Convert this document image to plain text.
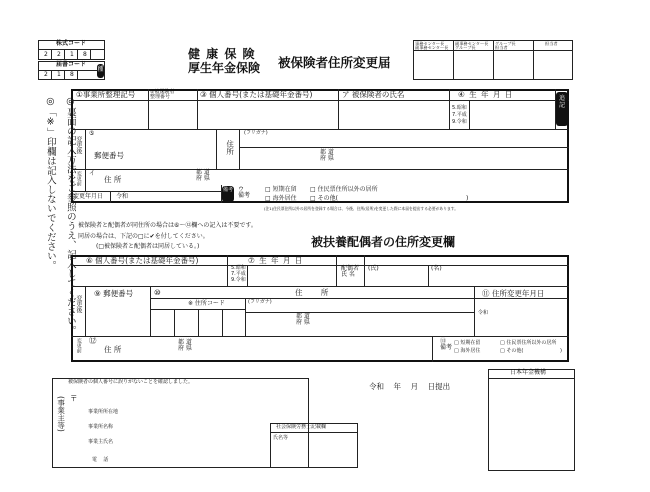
株式コード
2 2 1 8
届書コード
2 1 8
種
健 康 保 険
厚生年金保険 被保険者住所変更届
事務センター長
副事務センター長
副事務センター長
グループ長
グループ長
担当者
担当者
◎裏面の記入方法をご参照のうえ、記入してください。
◎「※」印欄は記入しないでください。
①事業所整理記号	②被保険者
整理番号	③ 個人番号(または基礎年金番号)	ア 被保険者の氏名	④ 生 年 月 日
5.昭和
7.平成
9.令和
追
記
変更後
⑤
郵便番号
住所
(フリガナ)
都 道
府 県
変更前 イ
住 所
都 道
府 県
変更年月日 令和
備考 ウ
備考
□ 短期在留
□ 海外居住
□ 住民票住所以外の居所
□ その他(	)
(注1)住民票住所以外の居所を登録する場合は、今後、住所(居所)を変更した際に本届を提出する必要があります。
被保険者と配偶者が同住所の場合は⑥～⑫欄への記入は不要です。
同居の場合は、下記の□に✔を付してください。
(□被保険者と配偶者は同居している。)	被扶養配偶者の住所変更欄
⑥ 個人番号(または基礎年金番号)	⑦ 生 年 月 日
5.昭和
7.平成
9.令和
配偶者
氏 名
(氏)	(名)
変更後
⑨ 郵便番号	⑩	住 所
※ 住所コード	(フリガナ)
都 道
府 県
⑪ 住所変更年月日
令和
変更前 ⑫
住 所
都 道
府 県
⑬
備考
□ 短期在留
□ 海外居住
□ 住民票住所以外の居所
□ その他(	)
(事業主等)
被保険者の個人番号に誤りがないことを確認しました。
〒
事業所所在地
事業所名称
事業主氏名
電    話
令和    年    月    日提出
日本年金機構
社会保険労務士記載欄
氏名等
